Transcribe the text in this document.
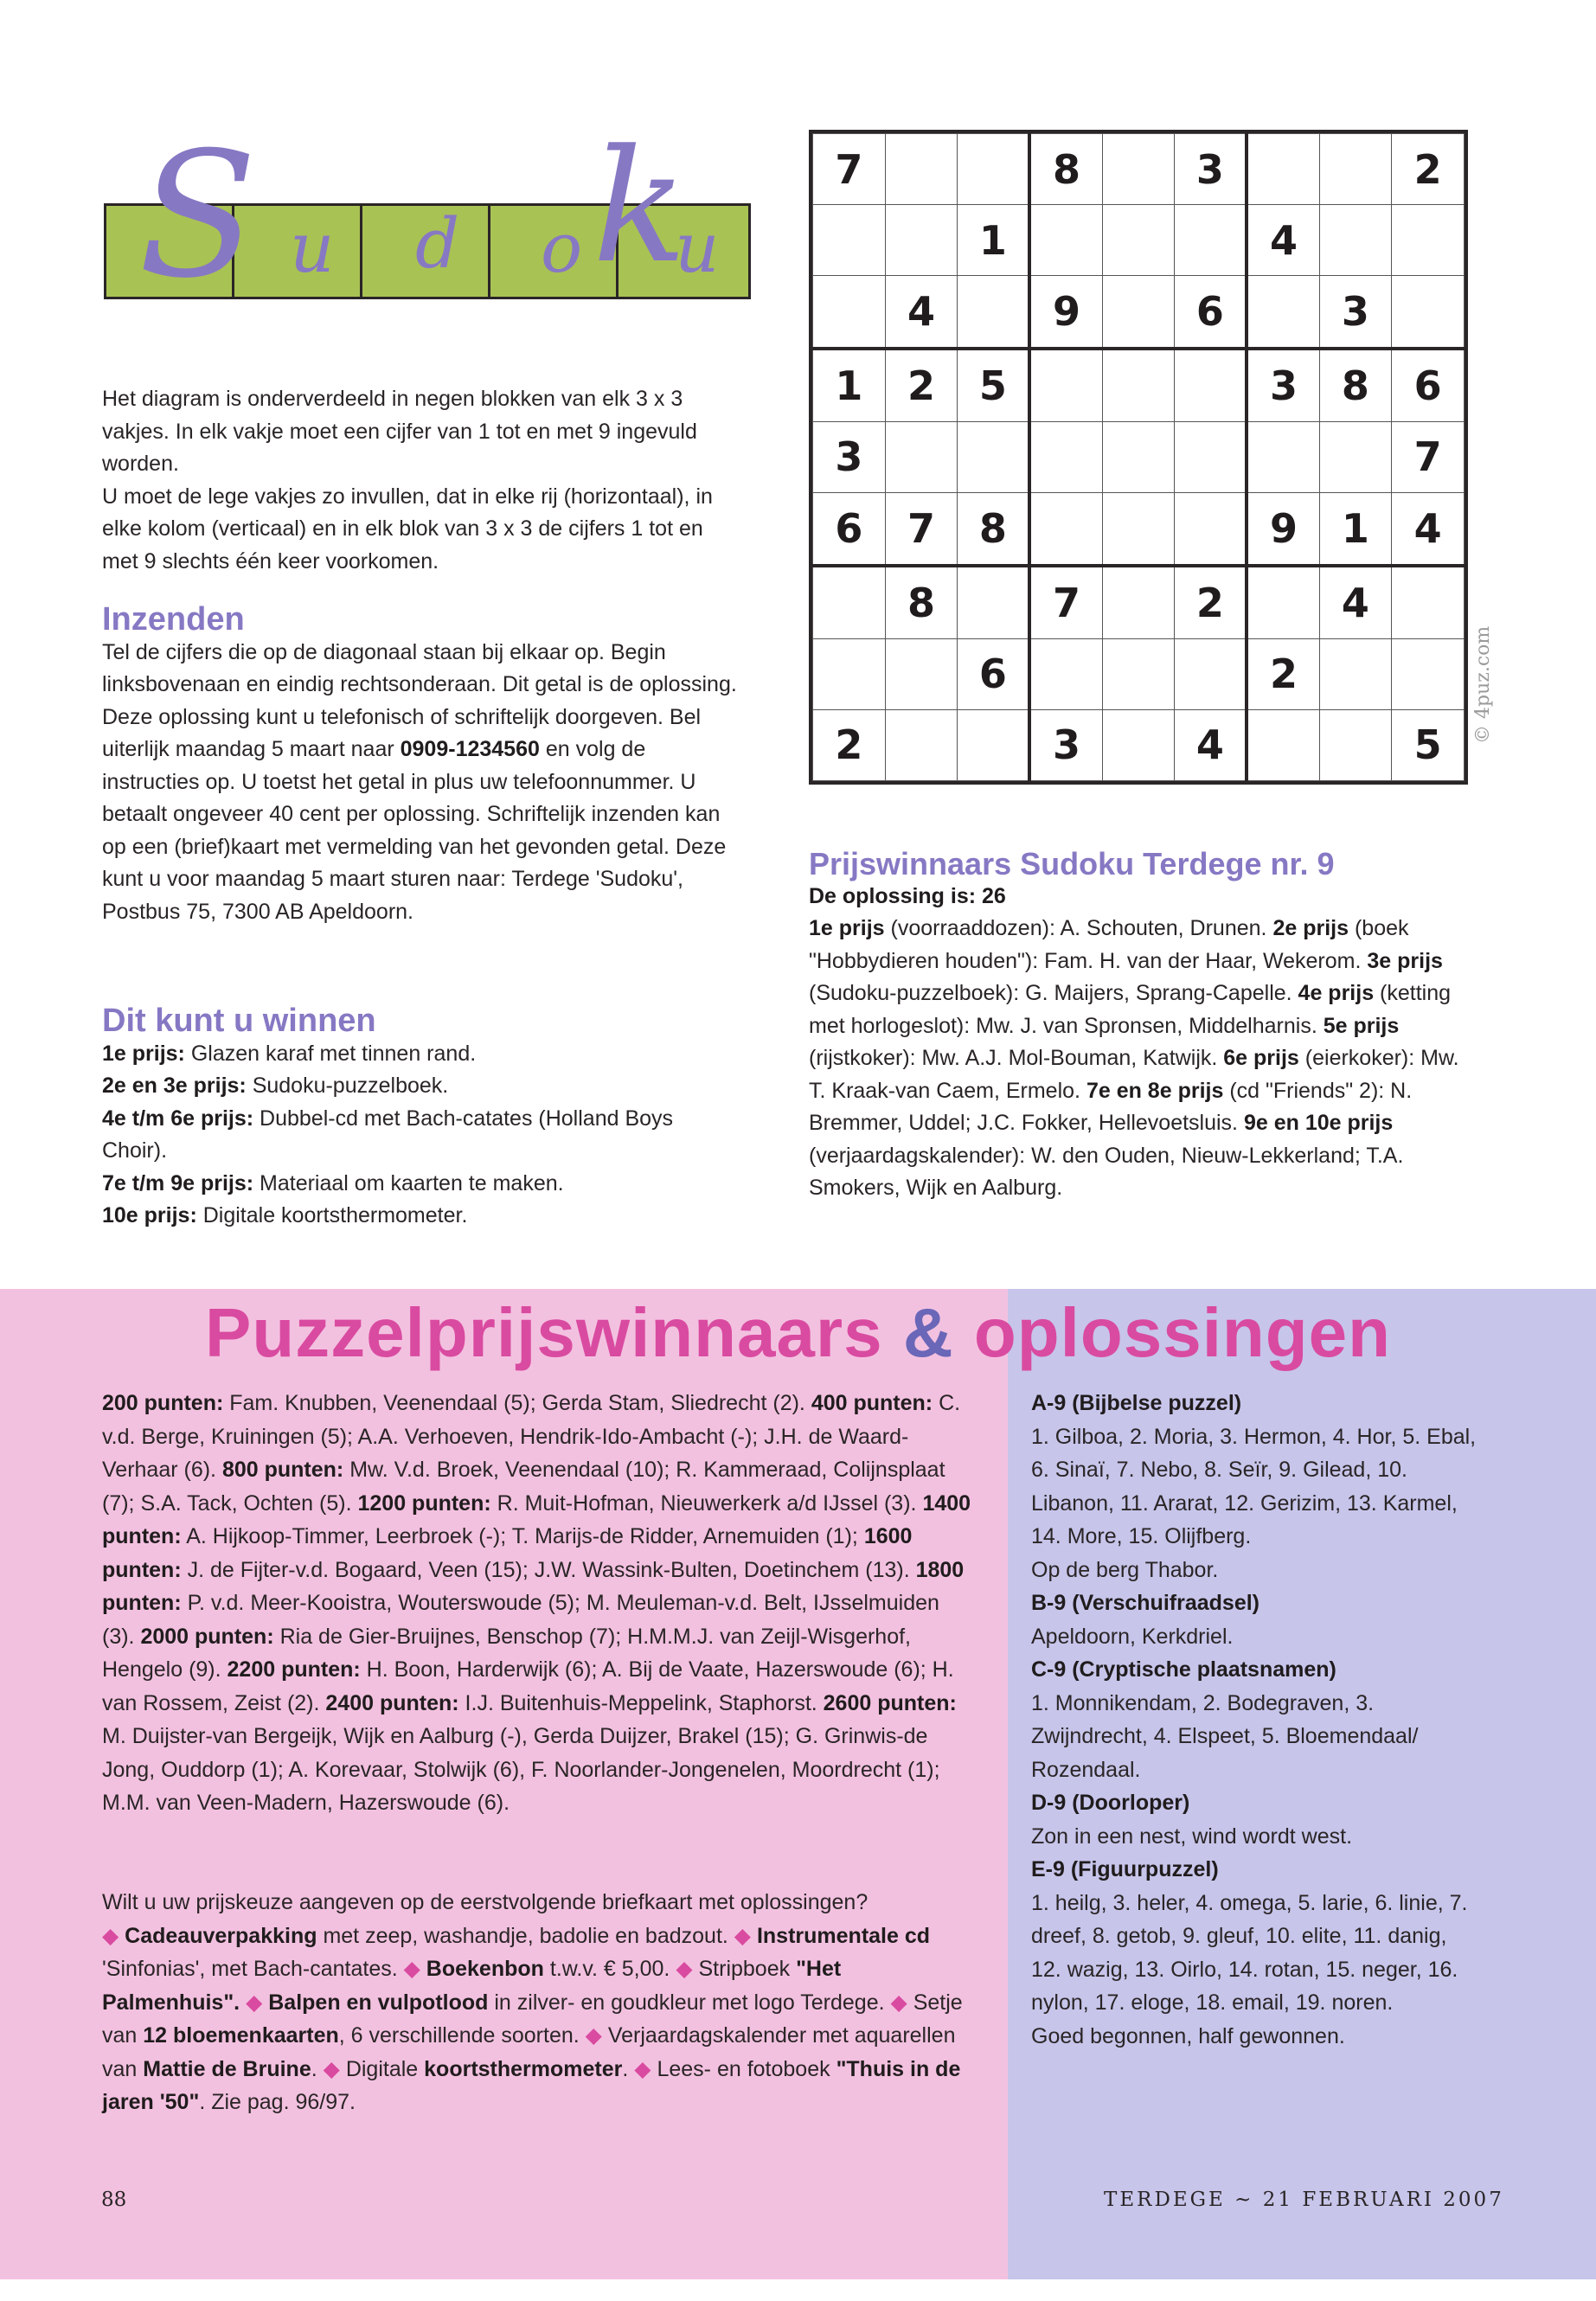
S u d o k
u

Het diagram is onderverdeeld in negen blokken van elk 3 x 3 vakjes. In elk vakje moet een cijfer van 1 tot en met 9 ingevuld worden.

U moet de lege vakjes zo invullen, dat in elke rij (horizontaal), in elke kolom (verticaal) en in elk blok van 3 x 3 de cijfers 1 tot en met 9 slechts één keer voorkomen.

Inzenden

Tel de cijfers die op de diagonaal staan bij elkaar op. Begin linksbovenaan en eindig rechtsonderaan. Dit getal is de oplossing. Deze oplossing kunt u telefonisch of schriftelijk doorgeven. Bel uiterlijk maandag 5 maart naar 0909-1234560 en volg de instructies op. U toetst het getal in plus uw telefoonnummer. U betaalt ongeveer 40 cent per oplossing. Schriftelijk inzenden kan op een (brief)kaart met vermelding van het gevonden getal. Deze kunt u voor maandag 5 maart sturen naar: Terdege 'Sudoku', Postbus 75, 7300 AB Apeldoorn.

Dit kunt u winnen

1e prijs: Glazen karaf met tinnen rand.

2e en 3e prijs: Sudoku-puzzelboek.

4e t/m 6e prijs: Dubbel-cd met Bach-catates (Holland Boys Choir).

7e t/m 9e prijs: Materiaal om kaarten te maken.

10e prijs: Digitale koortsthermometer.

7			8		3			2
		1				4		
	4		9		6		3	
1	2	5				3	8	6
3								7
6	7	8				9	1	4
	8		7		2		4	
		6				2		
2			3		4			5
© 4puz.com

Prijswinnaars Sudoku Terdege nr. 9

De oplossing is: 26

1e prijs (voorraaddozen): A. Schouten, Drunen. 2e prijs (boek "Hobbydieren houden"): Fam. H. van der Haar, Wekerom. 3e prijs (Sudoku-puzzelboek): G. Maijers, Sprang-Capelle. 4e prijs (ketting met horlogeslot): Mw. J. van Spronsen, Middelharnis. 5e prijs (rijstkoker): Mw. A.J. Mol-Bouman, Katwijk. 6e prijs (eierkoker): Mw. T. Kraak-van Caem, Ermelo. 7e en 8e prijs (cd "Friends" 2): N. Bremmer, Uddel; J.C. Fokker, Hellevoetsluis. 9e en 10e prijs (verjaardagskalender): W. den Ouden, Nieuw-Lekkerland; T.A. Smokers, Wijk en Aalburg.

Puzzelprijswinnaars & oplossingen

200 punten: Fam. Knubben, Veenendaal (5); Gerda Stam, Sliedrecht (2). 400 punten: C. v.d. Berge, Kruiningen (5); A.A. Verhoeven, Hendrik-Ido-Ambacht (-); J.H. de Waard-Verhaar (6). 800 punten: Mw. V.d. Broek, Veenendaal (10); R. Kammeraad, Colijnsplaat (7); S.A. Tack, Ochten (5). 1200 punten: R. Muit-Hofman, Nieuwerkerk a/d IJssel (3). 1400 punten: A. Hijkoop-Timmer, Leerbroek (-); T. Marijs-de Ridder, Arnemuiden (1); 1600 punten: J. de Fijter-v.d. Bogaard, Veen (15); J.W. Wassink-Bulten, Doetinchem (13). 1800 punten: P. v.d. Meer-Kooistra, Wouterswoude (5); M. Meuleman-v.d. Belt, IJsselmuiden (3). 2000 punten: Ria de Gier-Bruijnes, Benschop (7); H.M.M.J. van Zeijl-Wisgerhof, Hengelo (9). 2200 punten: H. Boon, Harderwijk (6); A. Bij de Vaate, Hazerswoude (6); H. van Rossem, Zeist (2). 2400 punten: I.J. Buitenhuis-Meppelink, Staphorst. 2600 punten: M. Duijster-van Bergeijk, Wijk en Aalburg (-), Gerda Duijzer, Brakel (15); G. Grinwis-de Jong, Ouddorp (1); A. Korevaar, Stolwijk (6), F. Noorlander-Jongenelen, Moordrecht (1); M.M. van Veen-Madern, Hazerswoude (6).

Wilt u uw prijskeuze aangeven op de eerstvolgende briefkaart met oplossingen?

◆ Cadeauverpakking met zeep, washandje, badolie en badzout. ◆ Instrumentale cd 'Sinfonias', met Bach-cantates. ◆ Boekenbon t.w.v. € 5,00. ◆ Stripboek "Het Palmenhuis". ◆ Balpen en vulpotlood in zilver- en goudkleur met logo Terdege. ◆ Setje van 12 bloemenkaarten, 6 verschillende soorten. ◆ Verjaardagskalender met aquarellen van Mattie de Bruine. ◆ Digitale koortsthermometer. ◆ Lees- en fotoboek "Thuis in de jaren '50". Zie pag. 96/97.

A-9 (Bijbelse puzzel)

1. Gilboa, 2. Moria, 3. Hermon, 4. Hor, 5. Ebal, 6. Sinaï, 7. Nebo, 8. Seïr, 9. Gilead, 10. Libanon, 11. Ararat, 12. Gerizim, 13. Karmel, 14. More, 15. Olijfberg.

Op de berg Thabor.

B-9 (Verschuifraadsel)

Apeldoorn, Kerkdriel.

C-9 (Cryptische plaatsnamen)

1. Monnikendam, 2. Bodegraven, 3. Zwijndrecht, 4. Elspeet, 5. Bloemendaal/ Rozendaal.

D-9 (Doorloper)

Zon in een nest, wind wordt west.

E-9 (Figuurpuzzel)

1. heilg, 3. heler, 4. omega, 5. larie, 6. linie, 7. dreef, 8. getob, 9. gleuf, 10. elite, 11. danig, 12. wazig, 13. Oirlo, 14. rotan, 15. neger, 16. nylon, 17. eloge, 18. email, 19. noren.

Goed begonnen, half gewonnen.

88	TERDEGE ~ 21 FEBRUARI 2007
